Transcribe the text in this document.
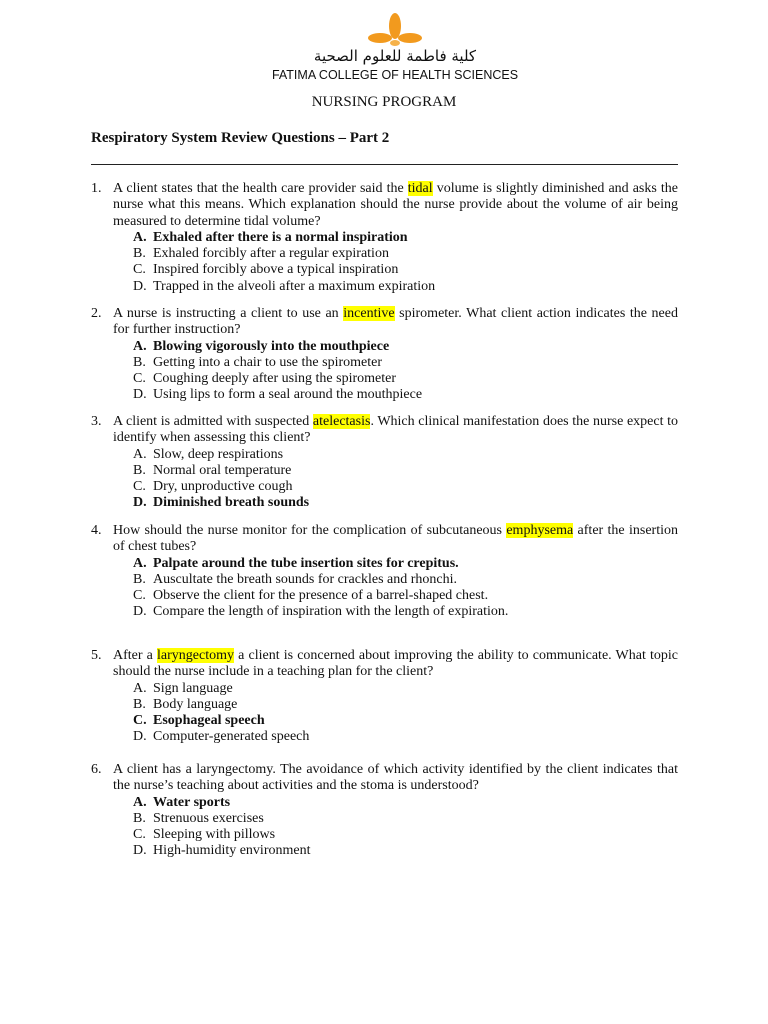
كلية فاطمة للعلوم الصحية
FATIMA COLLEGE OF HEALTH SCIENCES
NURSING PROGRAM
Respiratory System Review Questions – Part 2
1. A client states that the health care provider said the tidal volume is slightly diminished and asks the nurse what this means. Which explanation should the nurse provide about the volume of air being measured to determine tidal volume?
A. Exhaled after there is a normal inspiration
B. Exhaled forcibly after a regular expiration
C. Inspired forcibly above a typical inspiration
D. Trapped in the alveoli after a maximum expiration
2. A nurse is instructing a client to use an incentive spirometer. What client action indicates the need for further instruction?
A. Blowing vigorously into the mouthpiece
B. Getting into a chair to use the spirometer
C. Coughing deeply after using the spirometer
D. Using lips to form a seal around the mouthpiece
3. A client is admitted with suspected atelectasis. Which clinical manifestation does the nurse expect to identify when assessing this client?
A. Slow, deep respirations
B. Normal oral temperature
C. Dry, unproductive cough
D. Diminished breath sounds
4. How should the nurse monitor for the complication of subcutaneous emphysema after the insertion of chest tubes?
A. Palpate around the tube insertion sites for crepitus.
B. Auscultate the breath sounds for crackles and rhonchi.
C. Observe the client for the presence of a barrel-shaped chest.
D. Compare the length of inspiration with the length of expiration.
5. After a laryngectomy a client is concerned about improving the ability to communicate. What topic should the nurse include in a teaching plan for the client?
A. Sign language
B. Body language
C. Esophageal speech
D. Computer-generated speech
6. A client has a laryngectomy. The avoidance of which activity identified by the client indicates that the nurse’s teaching about activities and the stoma is understood?
A. Water sports
B. Strenuous exercises
C. Sleeping with pillows
D. High-humidity environment
